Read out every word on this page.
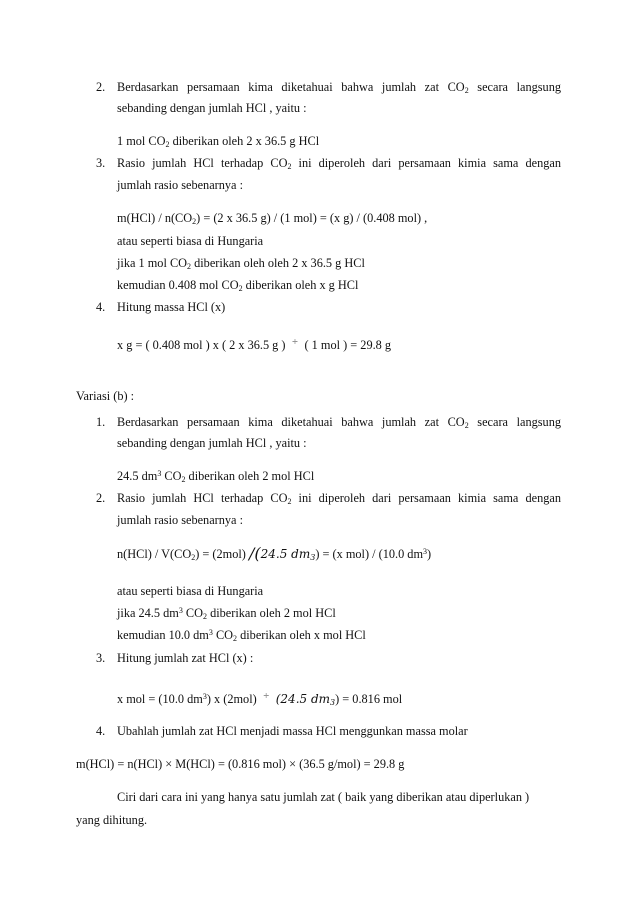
2. Berdasarkan persamaan kima diketahuai bahwa jumlah zat $CO_2$ secara langsung
sebanding dengan jumlah HCl , yaitu :
1 mol $CO_2$ diberikan oleh 2 x 36.5 g HCl
3. Rasio jumlah HCl terhadap $CO_2$ ini diperoleh dari persamaan kimia sama dengan
jumlah rasio sebenarnya :
$m(HCl) / n(CO_2) = (2$ x 36.5 g) / (1 mol) = (x g) / (0.408 mol) ,
atau seperti biasa di Hungaria
jika 1 mol $CO_2$ diberikan oleh oleh 2 x 36.5 g HCl
kemudian 0.408 mol $CO_2$ diberikan oleh x g HCl
4. Hitung massa HCl (x)
x g = ( 0.408 mol ) x ( 2 x 36.5 g ) ÷ ( 1 mol ) = 29.8 g
Variasi (b) :
1. Berdasarkan persamaan kima diketahuai bahwa jumlah zat $CO_2$ secara langsung
sebanding dengan jumlah HCl , yaitu :
24.5 $dm^3$ $CO_2$ diberikan oleh 2 mol HCl
2. Rasio jumlah HCl terhadap $CO_2$ ini diperoleh dari persamaan kimia sama dengan
jumlah rasio sebenarnya :
$n(HCl) / V(CO_2) = (2mol)$ /(24.5 $dm_3) = (x$ mol) / (10.0 $dm^3$)
atau seperti biasa di Hungaria
jika 24.5 $dm^3$ $CO_2$ diberikan oleh 2 mol HCl
kemudian 10.0 $dm^3$ $CO_2$ diberikan oleh x mol HCl
3. Hitung jumlah zat HCl (x) :
x mol = (10.0 $dm^3$) x (2mol) ÷ (24.5 $dm_3) = 0.816$ mol
4. Ubahlah jumlah zat HCl menjadi massa HCl menggunkan massa molar
m(HCl) = n(HCl) × M(HCl) = (0.816 mol) × (36.5 g/mol) = 29.8 g
Ciri dari cara ini yang hanya satu jumlah zat ( baik yang diberikan atau diperlukan )
yang dihitung.
